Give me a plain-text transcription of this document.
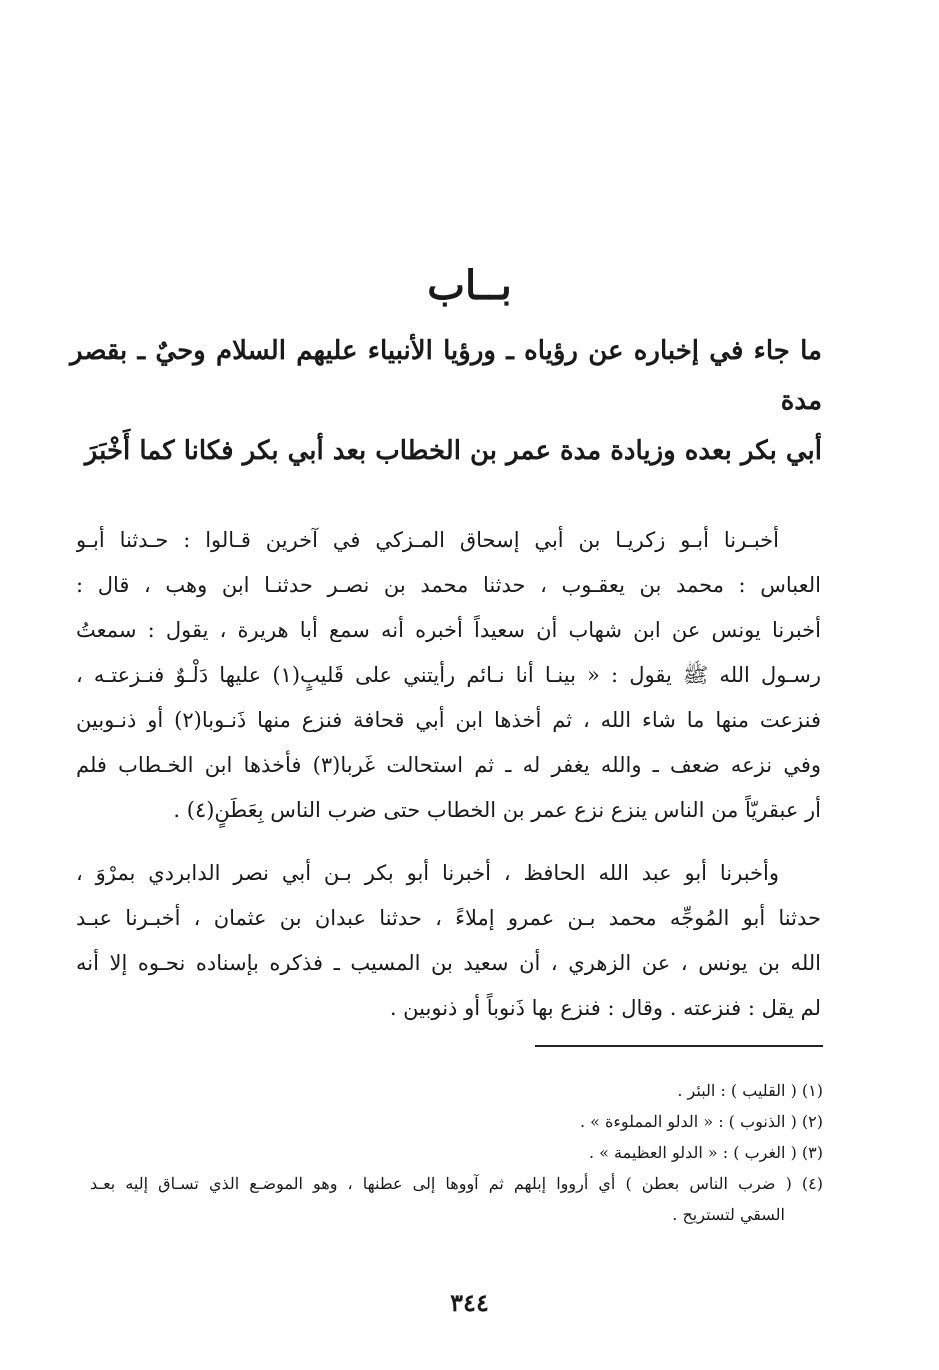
بــاب
ما جاء في إخباره عن رؤياه ـ ورؤيا الأنبياء عليهم السلام وحيٌ ـ بقصر مدة
أبي بكر بعده وزيادة مدة عمر بن الخطاب بعد أبي بكر فكانا كما أَخْبَرَ

أخبـرنا أبـو زكريـا بن أبي إسحاق المـزكي في آخرين قـالوا : حـدثنا أبـو
العباس : محمد بن يعقـوب ، حدثنا محمد بن نصـر حدثنـا ابن وهب ، قال :
أخبرنا يونس عن ابن شهاب أن سعيداً أخبره أنه سمع أبا هريرة ، يقول : سمعتُ
رسـول الله ﷺ يقول : « بينـا أنا نـائم رأيتني على قَليبٍ(١) عليها دَلْـوٌ فنـزعتـه ،
فنزعت منها ما شاء الله ، ثم أخذها ابن أبي قحافة فنزع منها ذَنـوبا(٢) أو ذنـوبين
وفي نزعه ضعف ـ والله يغفر له ـ ثم استحالت غَربا(٣) فأخذها ابن الخـطاب فلم
أر عبقريّاً من الناس ينزع نزع عمر بن الخطاب حتى ضرب الناس بِعَطَنٍ(٤) .

وأخبرنا أبو عبد الله الحافظ ، أخبرنا أبو بكر بـن أبي نصر الدابردي بمرْوَ ،
حدثنا أبو المُوجِّه محمد بـن عمرو إملاءً ، حدثنا عبدان بن عثمان ، أخبـرنا عبـد
الله بن يونس ، عن الزهري ، أن سعيد بن المسيب ـ فذكره بإسناده نحـوه إلا أنه
لم يقل : فنزعته . وقال : فنزع بها ذَنوباً أو ذنوبين .

(١) ( القليب ) : البئر .
(٢) ( الذنوب ) : « الدلو المملوءة » .
(٣) ( الغرب ) : « الدلو العظيمة » .
(٤) ( ضرب الناس بعطن ) أي أرووا إبلهم ثم آووها إلى عطنها ، وهو الموضـع الذي تسـاق إليه بعـد
السقي لتستريح .
٣٤٤
